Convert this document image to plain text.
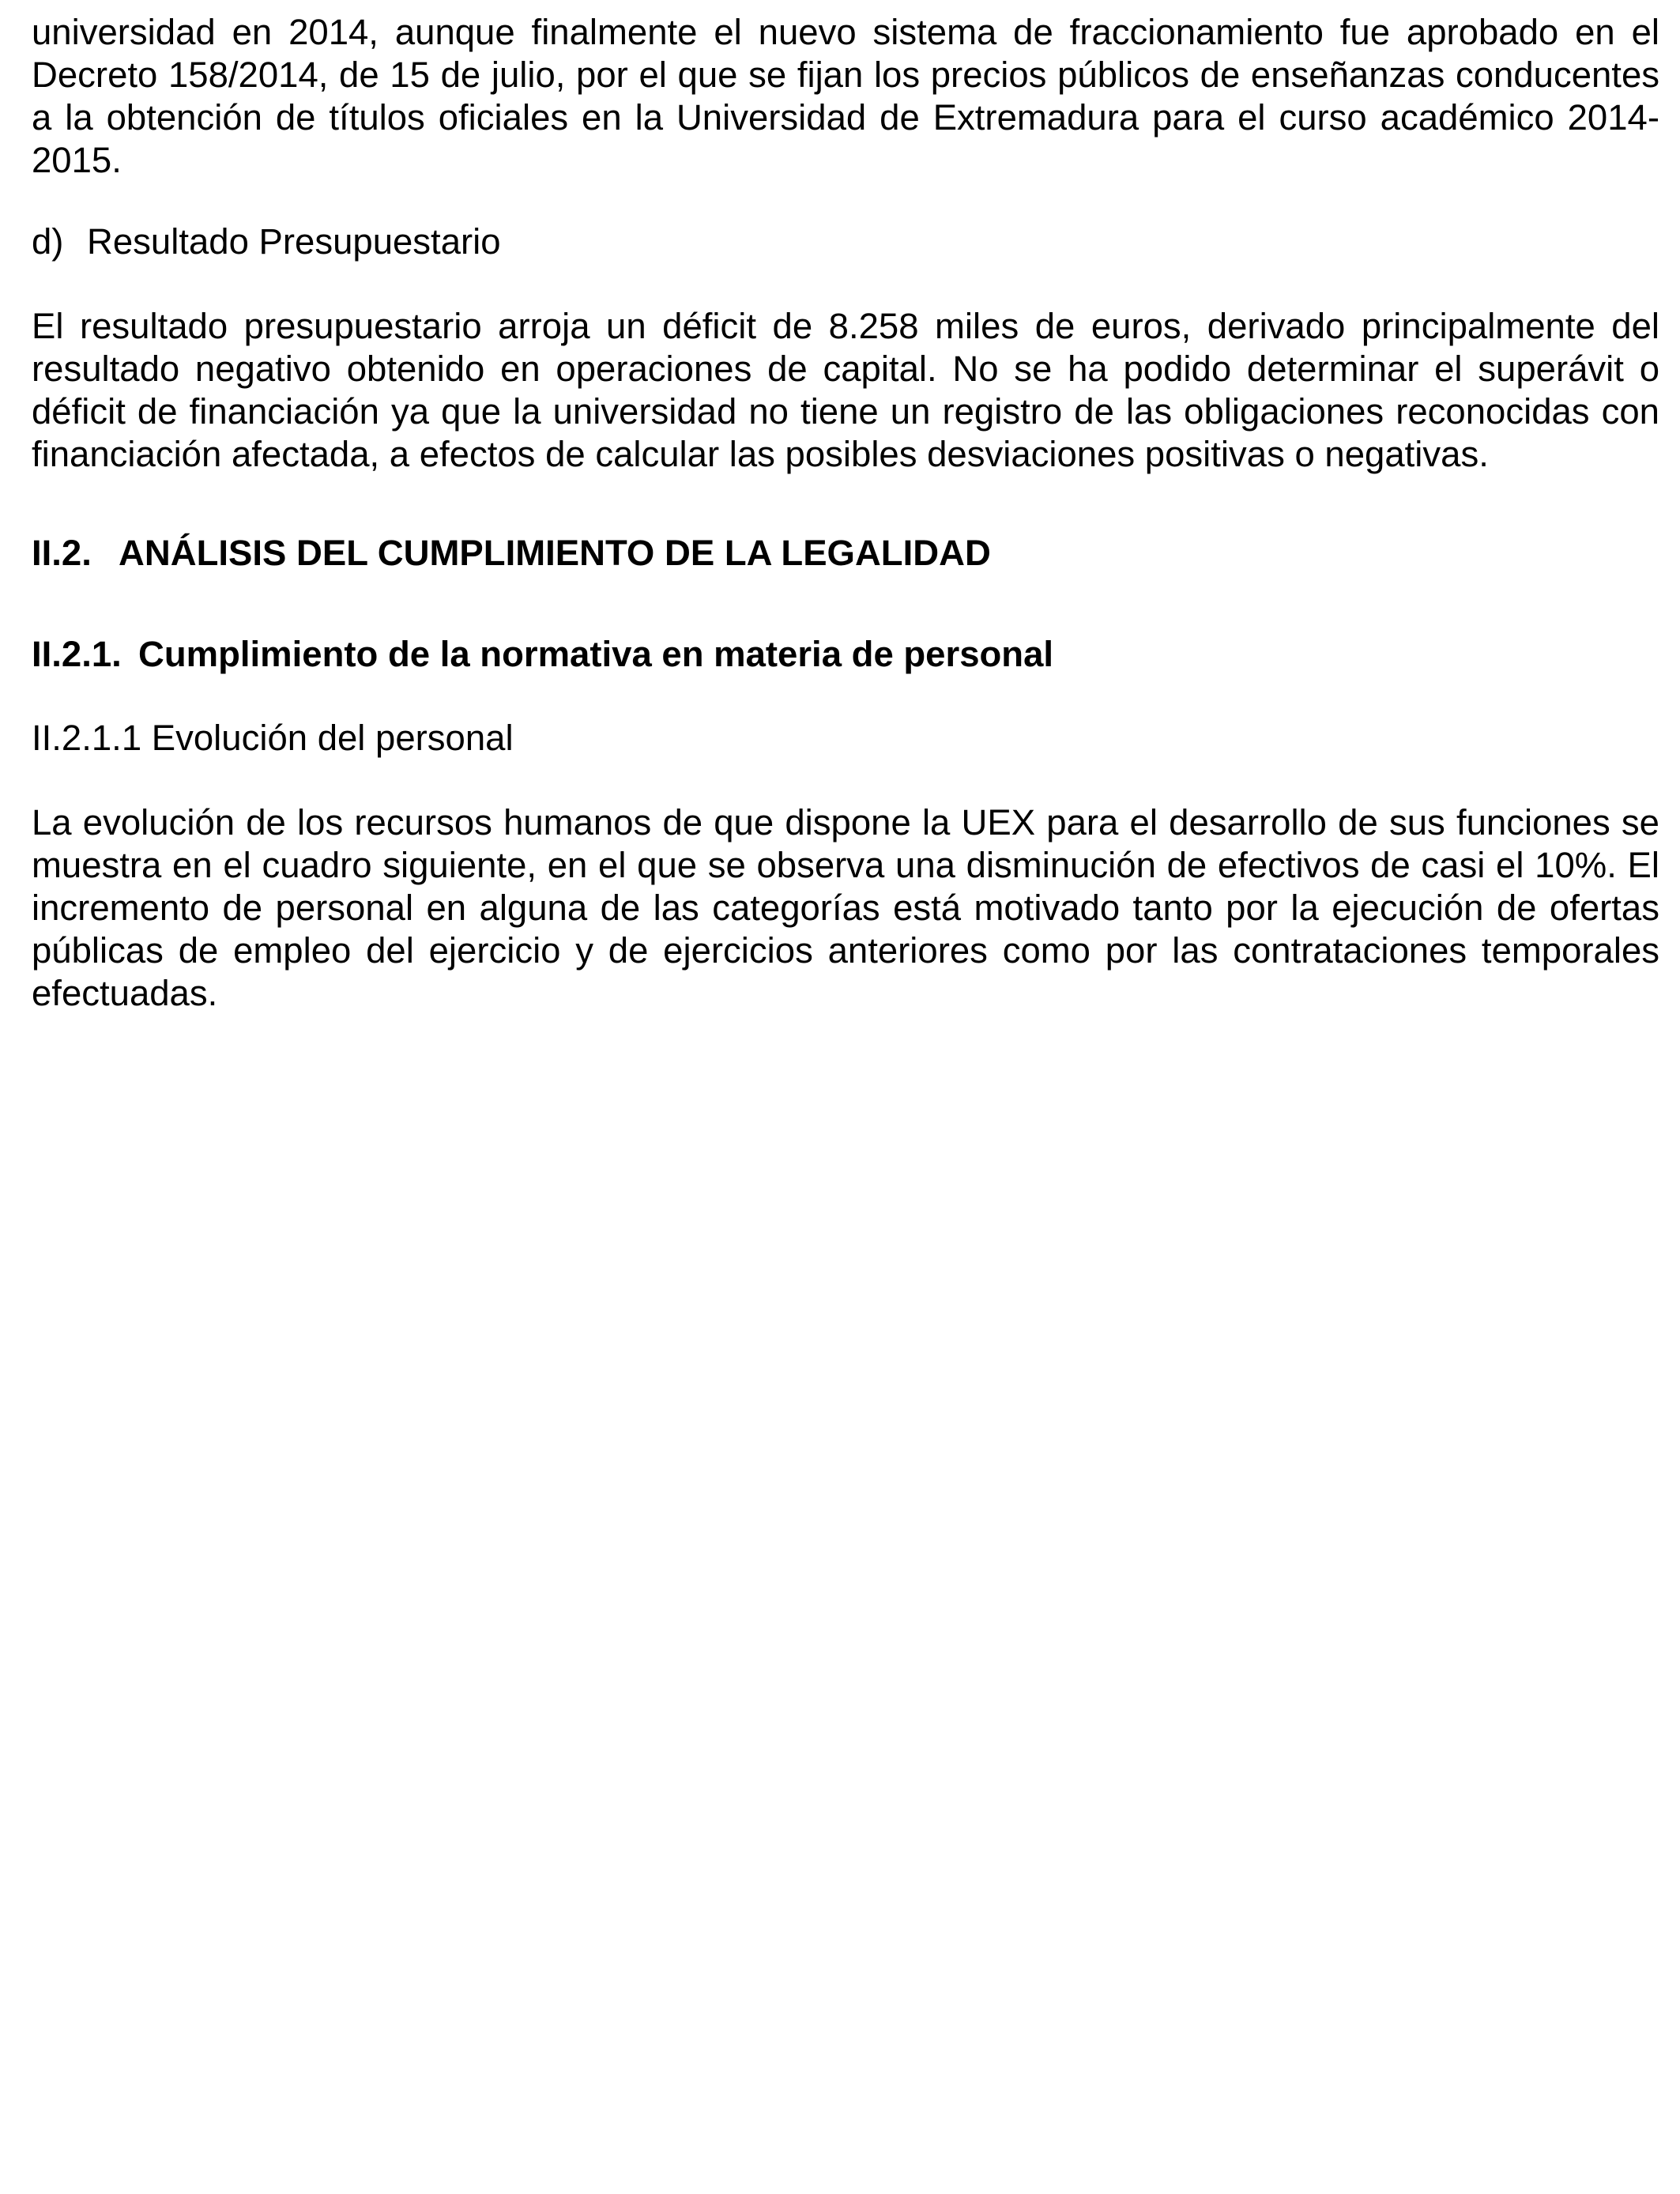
universidad en 2014, aunque finalmente el nuevo sistema de fraccionamiento fue aprobado en el Decreto 158/2014, de 15 de julio, por el que se fijan los precios públicos de enseñanzas conducentes a la obtención de títulos oficiales en la Universidad de Extremadura para el curso académico 2014-2015.

d) Resultado Presupuestario

El resultado presupuestario arroja un déficit de 8.258 miles de euros, derivado principalmente del resultado negativo obtenido en operaciones de capital. No se ha podido determinar el superávit o déficit de financiación ya que la universidad no tiene un registro de las obligaciones reconocidas con financiación afectada, a efectos de calcular las posibles desviaciones positivas o negativas.

II.2. ANÁLISIS DEL CUMPLIMIENTO DE LA LEGALIDAD
II.2.1. Cumplimiento de la normativa en materia de personal
II.2.1.1 Evolución del personal

La evolución de los recursos humanos de que dispone la UEX para el desarrollo de sus funciones se muestra en el cuadro siguiente, en el que se observa una disminución de efectivos de casi el 10%. El incremento de personal en alguna de las categorías está motivado tanto por la ejecución de ofertas públicas de empleo del ejercicio y de ejercicios anteriores como por las contrataciones temporales efectuadas.
